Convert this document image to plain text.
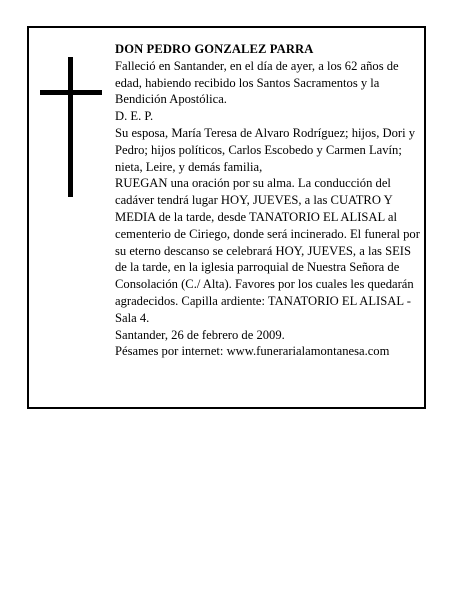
DON PEDRO GONZALEZ PARRA

Falleció en Santander, en el día de ayer, a los 62 años de edad, habiendo recibido los Santos Sacramentos y la Bendición Apostólica.

D. E. P.

Su esposa, María Teresa de Alvaro Rodríguez; hijos, Dori y Pedro; hijos políticos, Carlos Escobedo y Carmen Lavín; nieta, Leire, y demás familia,

RUEGAN una oración por su alma. La conducción del cadáver tendrá lugar HOY, JUEVES, a las CUATRO Y MEDIA de la tarde, desde TANATORIO EL ALISAL al cementerio de Ciriego, donde será incinerado. El funeral por su eterno descanso se celebrará HOY, JUEVES, a las SEIS de la tarde, en la iglesia parroquial de Nuestra Señora de Consolación (C./ Alta). Favores por los cuales les quedarán agradecidos. Capilla ardiente: TANATORIO EL ALISAL - Sala 4.

Santander, 26 de febrero de 2009.

Pésames por internet: www.funerarialamontanesa.com
